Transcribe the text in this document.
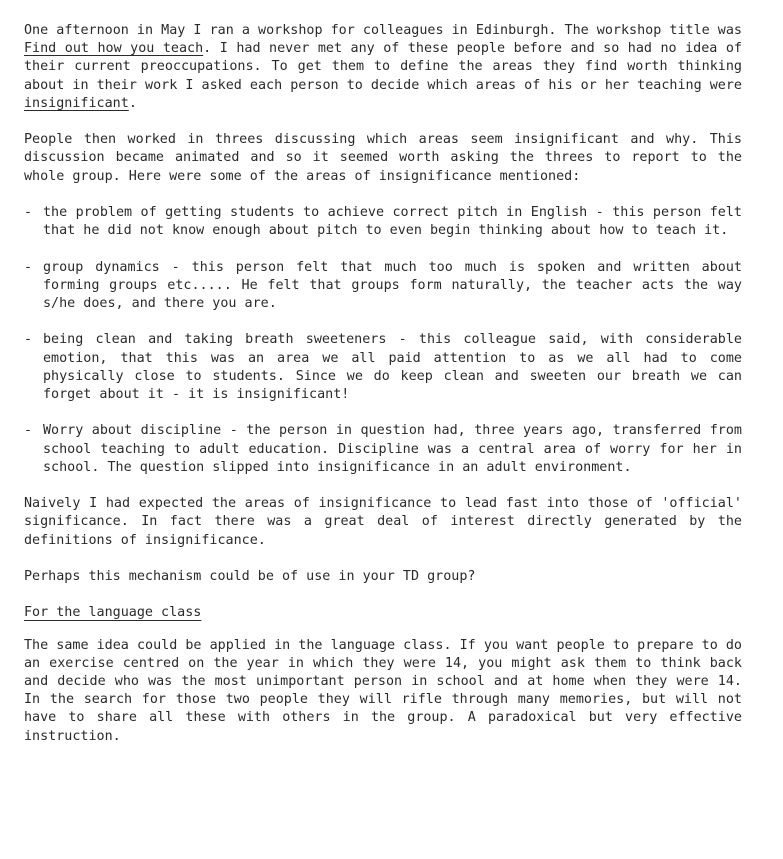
One afternoon in May I ran a workshop for colleagues in Edinburgh. The workshop title was Find out how you teach. I had never met any of these people before and so had no idea of their current preoccupations. To get them to define the areas they find worth thinking about in their work I asked each person to decide which areas of his or her teaching were insignificant.

People then worked in threes discussing which areas seem insignificant and why. This discussion became animated and so it seemed worth asking the threes to report to the whole group. Here were some of the areas of insignificance mentioned:

- the problem of getting students to achieve correct pitch in English - this person felt that he did not know enough about pitch to even begin thinking about how to teach it.
- group dynamics - this person felt that much too much is spoken and written about forming groups etc..... He felt that groups form naturally, the teacher acts the way s/he does, and there you are.
- being clean and taking breath sweeteners - this colleague said, with considerable emotion, that this was an area we all paid attention to as we all had to come physically close to students. Since we do keep clean and sweeten our breath we can forget about it - it is insignificant!
- Worry about discipline - the person in question had, three years ago, transferred from school teaching to adult education. Discipline was a central area of worry for her in school. The question slipped into insignificance in an adult environment.

Naively I had expected the areas of insignificance to lead fast into those of 'official' significance. In fact there was a great deal of interest directly generated by the definitions of insignificance.

Perhaps this mechanism could be of use in your TD group?

For the language class

The same idea could be applied in the language class. If you want people to prepare to do an exercise centred on the year in which they were 14, you might ask them to think back and decide who was the most unimportant person in school and at home when they were 14. In the search for those two people they will rifle through many memories, but will not have to share all these with others in the group. A paradoxical but very effective instruction.
